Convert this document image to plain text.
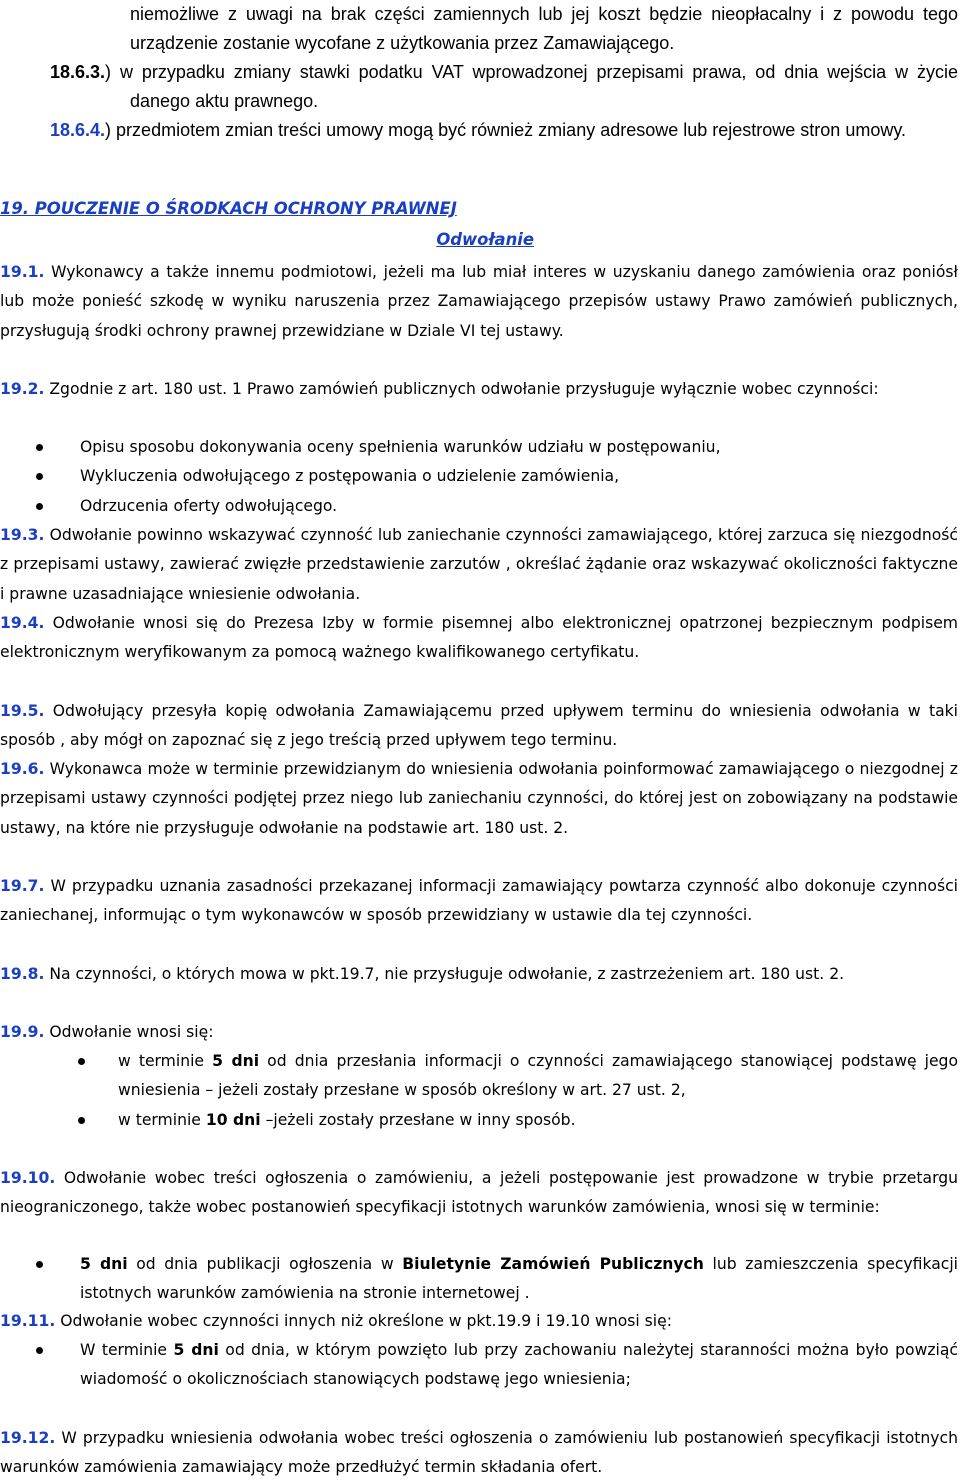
niemożliwe z uwagi na brak części zamiennych lub jej koszt będzie nieopłacalny i z powodu tego urządzenie zostanie wycofane z użytkowania przez Zamawiającego.

18.6.3.) w przypadku zmiany stawki podatku VAT wprowadzonej przepisami prawa, od dnia wejścia w życie danego aktu prawnego.

18.6.4.) przedmiotem zmian treści umowy mogą być również zmiany adresowe lub rejestrowe stron umowy.

19. POUCZENIE O ŚRODKACH OCHRONY PRAWNEJ
Odwołanie

19.1. Wykonawcy a także innemu podmiotowi, jeżeli ma lub miał interes w uzyskaniu danego zamówienia oraz poniósł lub może ponieść szkodę w wyniku naruszenia przez Zamawiającego przepisów ustawy Prawo zamówień publicznych, przysługują środki ochrony prawnej przewidziane w Dziale VI tej ustawy.

19.2. Zgodnie z art. 180 ust. 1 Prawo zamówień publicznych odwołanie przysługuje wyłącznie wobec czynności:

Opisu sposobu dokonywania oceny spełnienia warunków udziału w postępowaniu,
Wykluczenia odwołującego z postępowania o udzielenie zamówienia,
Odrzucenia oferty odwołującego.

19.3. Odwołanie powinno wskazywać czynność lub zaniechanie czynności zamawiającego, której zarzuca się niezgodność z przepisami ustawy, zawierać zwięzłe przedstawienie zarzutów , określać żądanie oraz wskazywać okoliczności faktyczne i prawne uzasadniające wniesienie odwołania.

19.4. Odwołanie wnosi się do Prezesa Izby w formie pisemnej albo elektronicznej opatrzonej bezpiecznym podpisem elektronicznym weryfikowanym za pomocą ważnego kwalifikowanego certyfikatu.

19.5. Odwołujący przesyła kopię odwołania Zamawiającemu przed upływem terminu do wniesienia odwołania w taki sposób , aby mógł on zapoznać się z jego treścią przed upływem tego terminu.

19.6. Wykonawca może w terminie przewidzianym do wniesienia odwołania poinformować zamawiającego o niezgodnej z przepisami ustawy czynności podjętej przez niego lub zaniechaniu czynności, do której jest on zobowiązany na podstawie ustawy, na które nie przysługuje odwołanie na podstawie art. 180 ust. 2.

19.7. W przypadku uznania zasadności przekazanej informacji zamawiający powtarza czynność albo dokonuje czynności zaniechanej, informując o tym wykonawców w sposób przewidziany w ustawie dla tej czynności.

19.8. Na czynności, o których mowa w pkt.19.7, nie przysługuje odwołanie, z zastrzeżeniem art. 180 ust. 2.

19.9. Odwołanie wnosi się:

w terminie 5 dni od dnia przesłania informacji o czynności zamawiającego stanowiącej podstawę jego wniesienia – jeżeli zostały przesłane w sposób określony w art. 27 ust. 2,
w terminie 10 dni –jeżeli zostały przesłane w inny sposób.

19.10. Odwołanie wobec treści ogłoszenia o zamówieniu, a jeżeli postępowanie jest prowadzone w trybie przetargu nieograniczonego, także wobec postanowień specyfikacji istotnych warunków zamówienia, wnosi się w terminie:

5 dni od dnia publikacji ogłoszenia w Biuletynie Zamówień Publicznych lub zamieszczenia specyfikacji istotnych warunków zamówienia na stronie internetowej .

19.11. Odwołanie wobec czynności innych niż określone w pkt.19.9 i 19.10 wnosi się:

W terminie 5 dni od dnia, w którym powzięto lub przy zachowaniu należytej staranności można było powziąć wiadomość o okolicznościach stanowiących podstawę jego wniesienia;

19.12. W przypadku wniesienia odwołania wobec treści ogłoszenia o zamówieniu lub postanowień specyfikacji istotnych warunków zamówienia zamawiający może przedłużyć termin składania ofert.
